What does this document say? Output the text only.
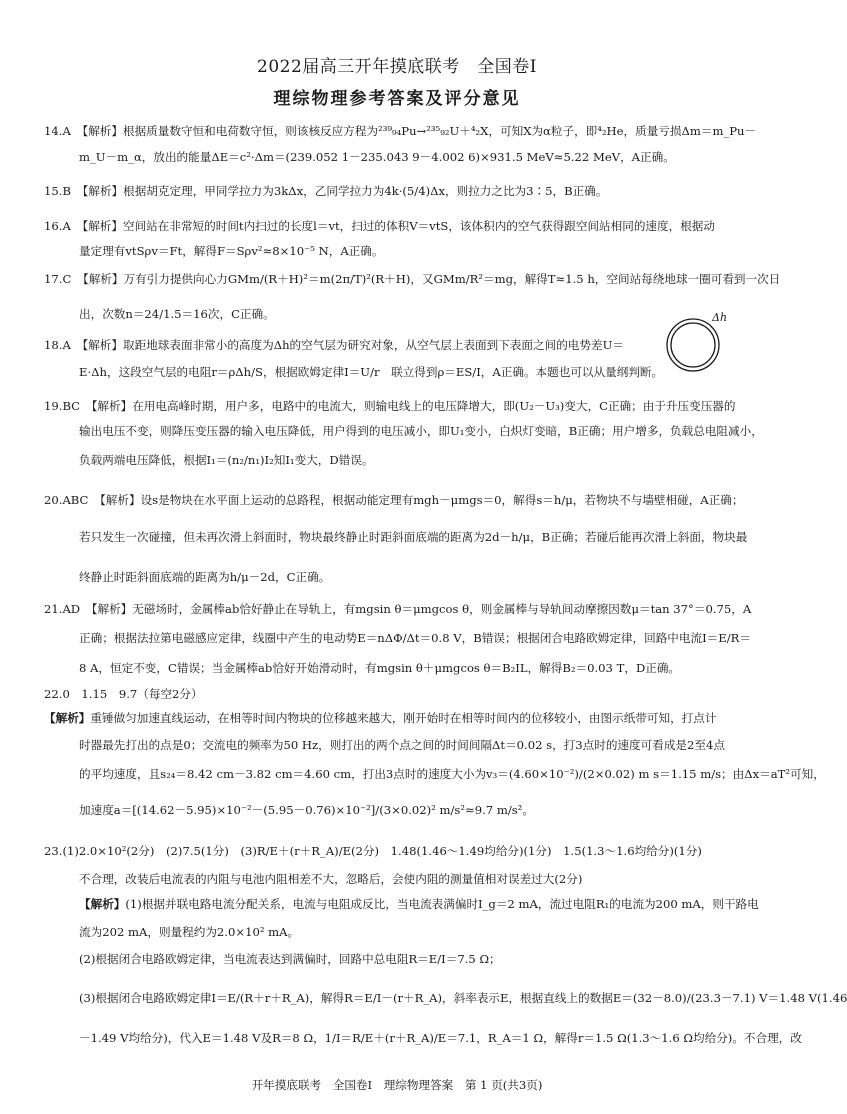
2022届高三开年摸底联考　全国卷Ⅰ
理综物理参考答案及评分意见
14.A　【解析】根据质量数守恒和电荷数守恒，则该核反应方程为²³⁹₉₄Pu→²³⁵₉₂U＋⁴₂X，可知X为α粒子，即⁴₂He，质量亏损Δm＝m_Pu－
m_U－m_α，放出的能量ΔE＝c²·Δm＝(239.052 1－235.043 9－4.002 6)×931.5 MeV≈5.22 MeV，A正确。
15.B　【解析】根据胡克定理，甲同学拉力为3kΔx，乙同学拉力为4k·(5/4)Δx，则拉力之比为3∶5，B正确。
16.A　【解析】空间站在非常短的时间t内扫过的长度l＝vt，扫过的体积V＝vtS，该体积内的空气获得跟空间站相同的速度，根据动
量定理有vtSρv＝Ft，解得F＝Sρv²≈8×10⁻⁵ N，A正确。
17.C　【解析】万有引力提供向心力GMm/(R＋H)²＝m(2π/T)²(R＋H)，又GMm/R²＝mg，解得T≈1.5 h，空间站每绕地球一圈可看到一次日
出，次数n＝24/1.5＝16次，C正确。
18.A　【解析】取距地球表面非常小的高度为Δh的空气层为研究对象，从空气层上表面到下表面之间的电势差U＝
E·Δh，这段空气层的电阻r＝ρΔh/S，根据欧姆定律I＝U/r　联立得到ρ＝ES/I，A正确。本题也可以从量纲判断。
19.BC　【解析】在用电高峰时期，用户多，电路中的电流大，则输电线上的电压降增大，即(U₂－U₃)变大，C正确；由于升压变压器的
输出电压不变，则降压变压器的输入电压降低，用户得到的电压减小，即U₁变小，白炽灯变暗，B正确；用户增多，负载总电阻减小，
负载两端电压降低，根据I₁＝(n₂/n₁)I₂知I₁变大，D错误。
20.ABC　【解析】设s是物块在水平面上运动的总路程，根据动能定理有mgh－μmgs＝0，解得s＝h/μ，若物块不与墙壁相碰，A正确；
若只发生一次碰撞，但未再次滑上斜面时，物块最终静止时距斜面底端的距离为2d－h/μ，B正确；若碰后能再次滑上斜面，物块最
终静止时距斜面底端的距离为h/μ－2d，C正确。
21.AD　【解析】无磁场时，金属棒ab恰好静止在导轨上，有mgsin θ＝μmgcos θ，则金属棒与导轨间动摩擦因数μ＝tan 37°＝0.75，A
正确；根据法拉第电磁感应定律，线圈中产生的电动势E＝nΔΦ/Δt＝0.8 V，B错误；根据闭合电路欧姆定律，回路中电流I＝E/R＝
8 A，恒定不变，C错误；当金属棒ab恰好开始滑动时，有mgsin θ＋μmgcos θ＝B₂IL，解得B₂＝0.03 T，D正确。
22.0　1.15　9.7（每空2分）
【解析】重锤做匀加速直线运动，在相等时间内物块的位移越来越大，刚开始时在相等时间内的位移较小，由图示纸带可知，打点计
时器最先打出的点是0；交流电的频率为50 Hz，则打出的两个点之间的时间间隔Δt＝0.02 s，打3点时的速度可看成是2至4点
的平均速度，且s₂₄＝8.42 cm－3.82 cm＝4.60 cm，打出3点时的速度大小为v₃＝(4.60×10⁻²)/(2×0.02) m s＝1.15 m/s；由Δx＝aT²可知，
加速度a＝[(14.62－5.95)×10⁻²－(5.95－0.76)×10⁻²]/(3×0.02)² m/s²≈9.7 m/s²。
23.(1)2.0×10²(2分)　(2)7.5(1分)　(3)R/E＋(r＋R_A)/E(2分)　1.48(1.46～1.49均给分)(1分)　1.5(1.3～1.6均给分)(1分)
不合理，改装后电流表的内阻与电池内阻相差不大，忽略后，会使内阻的测量值相对误差过大(2分)
【解析】(1)根据并联电路电流分配关系，电流与电阻成反比，当电流表满偏时I_g＝2 mA，流过电阻R₁的电流为200 mA，则干路电
流为202 mA，则量程约为2.0×10² mA。
(2)根据闭合电路欧姆定律，当电流表达到满偏时，回路中总电阻R＝E/I＝7.5 Ω；
(3)根据闭合电路欧姆定律I＝E/(R＋r＋R_A)，解得R＝E/I－(r＋R_A)，斜率表示E，根据直线上的数据E＝(32－8.0)/(23.3－7.1) V＝1.48 V(1.46
－1.49 V均给分)，代入E＝1.48 V及R＝8 Ω，1/I＝R/E＋(r＋R_A)/E＝7.1，R_A＝1 Ω，解得r＝1.5 Ω(1.3～1.6 Ω均给分)。不合理，改
Δh
开年摸底联考　全国卷Ⅰ　理综物理答案　第 1 页(共3页)
